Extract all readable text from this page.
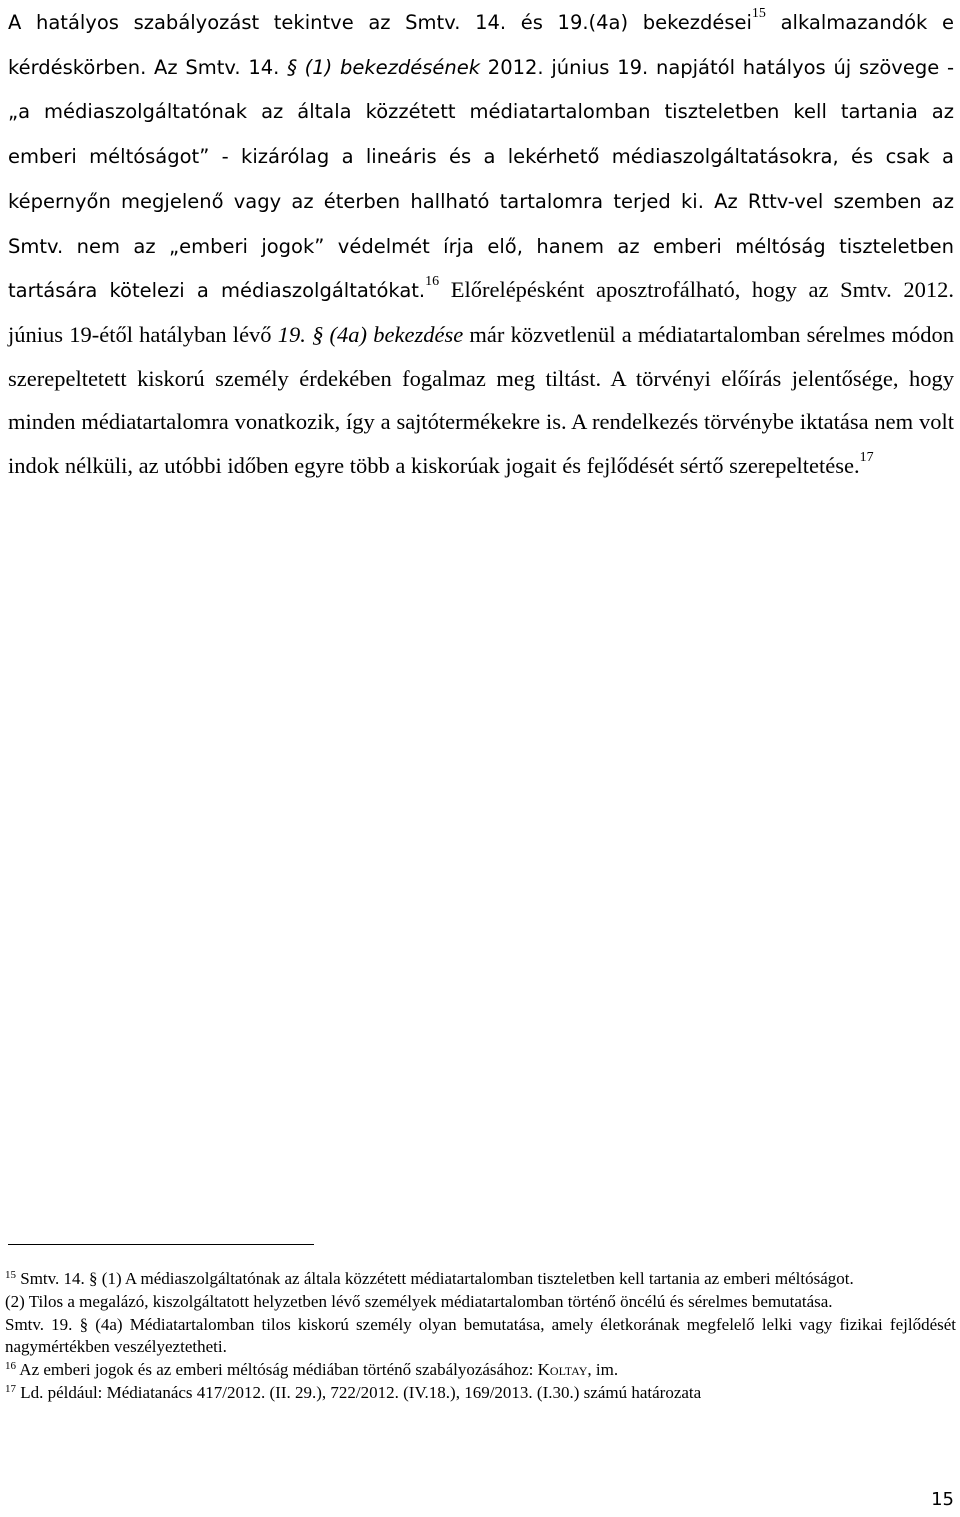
A hatályos szabályozást tekintve az Smtv. 14. és 19.(4a) bekezdései$^{15}$ alkalmazandók e kérdéskörben. Az Smtv. 14. § (1) bekezdésének 2012. június 19. napjától hatályos új szövege - „a médiaszolgáltatónak az általa közzétett médiatartalomban tiszteletben kell tartania az emberi méltóságot” - kizárólag a lineáris és a lekérhető médiaszolgáltatásokra, és csak a képernyőn megjelenő vagy az éterben hallható tartalomra terjed ki. Az Rttv-vel szemben az Smtv. nem az „emberi jogok” védelmét írja elő, hanem az emberi méltóság tiszteletben tartására kötelezi a médiaszolgáltatókat.$^{16}$ Előrelépésként aposztrofálható, hogy az Smtv. 2012. június 19-étől hatályban lévő 19. § (4a) bekezdése már közvetlenül a médiatartalomban sérelmes módon szerepeltetett kiskorú személy érdekében fogalmaz meg tiltást. A törvényi előírás jelentősége, hogy minden médiatartalomra vonatkozik, így a sajtótermékekre is. A rendelkezés törvénybe iktatása nem volt indok nélküli, az utóbbi időben egyre több a kiskorúak jogait és fejlődését sértő szerepeltetése.$^{17}$

$^{15}$ Smtv. 14. § (1) A médiaszolgáltatónak az általa közzétett médiatartalomban tiszteletben kell tartania az emberi méltóságot.

(2) Tilos a megalázó, kiszolgáltatott helyzetben lévő személyek médiatartalomban történő öncélú és sérelmes bemutatása.

Smtv. 19. § (4a) Médiatartalomban tilos kiskorú személy olyan bemutatása, amely életkorának megfelelő lelki vagy fizikai fejlődését nagymértékben veszélyeztetheti.

$^{16}$ Az emberi jogok és az emberi méltóság médiában történő szabályozásához: Koltay, im.

$^{17}$ Ld. például: Médiatanács 417/2012. (II. 29.), 722/2012. (IV.18.), 169/2013. (I.30.) számú határozata

15
